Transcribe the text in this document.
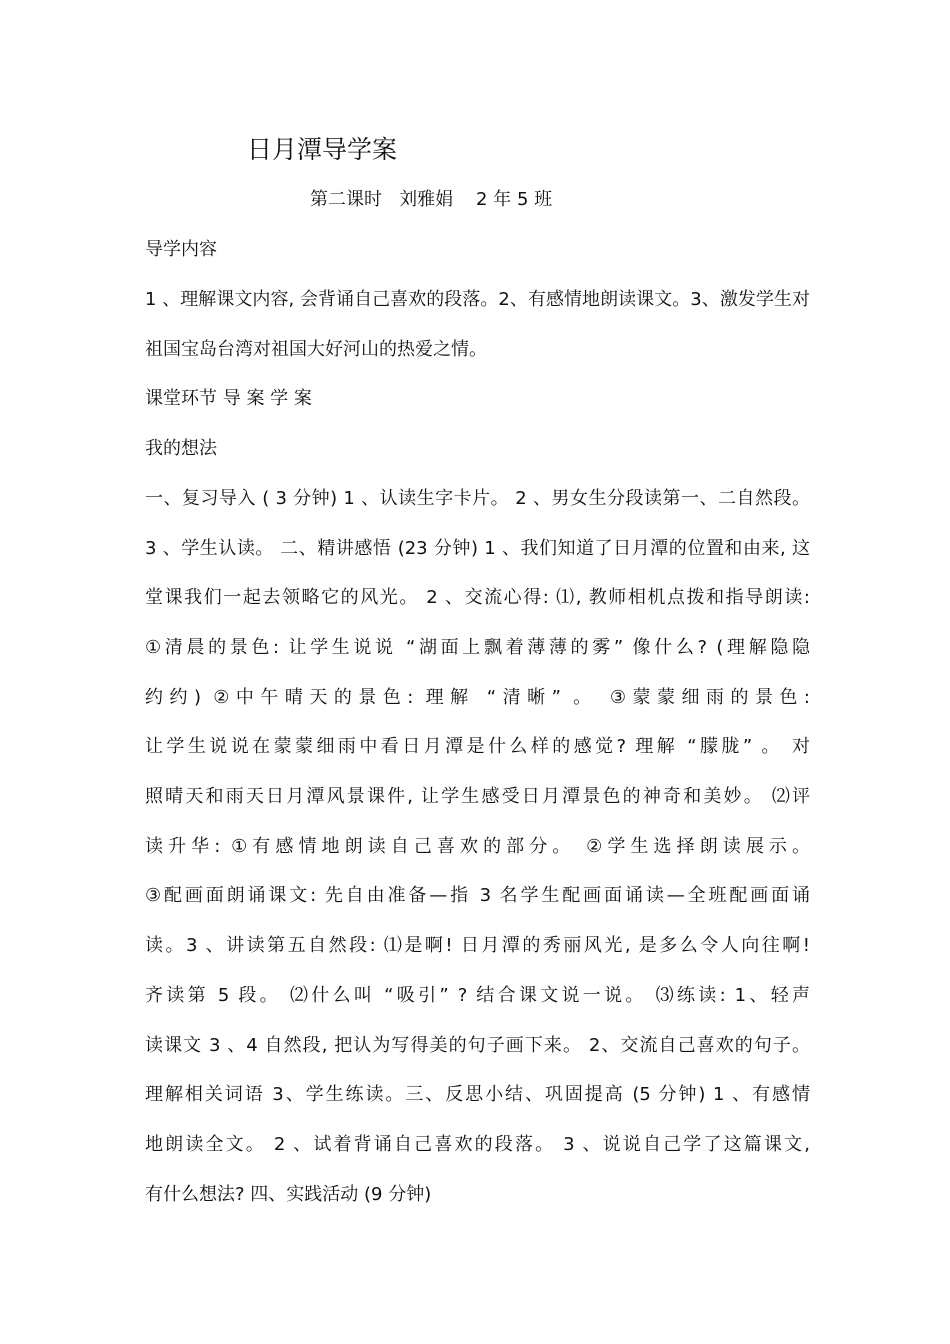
日月潭导学案

第二课时   刘雅娟    2 年 5 班

导学内容

1 、理解课文内容, 会背诵自己喜欢的段落。2、有感情地朗读课文。3、激发学生对

祖国宝岛台湾对祖国大好河山的热爱之情。

课堂环节 导 案 学 案

我的想法

一、复习导入 ( 3 分钟) 1 、认读生字卡片。 2 、男女生分段读第一、二自然段。

3 、学生认读。 二、精讲感悟 (23 分钟) 1 、我们知道了日月潭的位置和由来, 这

堂课我们一起去领略它的风光。 2 、交流心得: ⑴, 教师相机点拨和指导朗读:

①清晨的景色: 让学生说说 “湖面上飘着薄薄的雾” 像什么? (理解隐隐

约约) ②中午晴天的景色: 理解 “清晰” 。 ③蒙蒙细雨的景色:

让学生说说在蒙蒙细雨中看日月潭是什么样的感觉? 理解 “朦胧” 。 对

照晴天和雨天日月潭风景课件, 让学生感受日月潭景色的神奇和美妙。 ⑵评

读升华: ①有感情地朗读自己喜欢的部分。 ②学生选择朗读展示。

③配画面朗诵课文: 先自由准备—指 3 名学生配画面诵读—全班配画面诵

读。3 、讲读第五自然段: ⑴是啊! 日月潭的秀丽风光, 是多么令人向往啊!

齐读第 5 段。 ⑵什么叫 “吸引” ? 结合课文说一说。 ⑶练读: 1、轻声

读课文 3 、4 自然段, 把认为写得美的句子画下来。 2、交流自己喜欢的句子。

理解相关词语 3、学生练读。三、反思小结、巩固提高 (5 分钟) 1 、有感情

地朗读全文。 2 、试着背诵自己喜欢的段落。 3 、说说自己学了这篇课文,

有什么想法? 四、实践活动 (9 分钟)
